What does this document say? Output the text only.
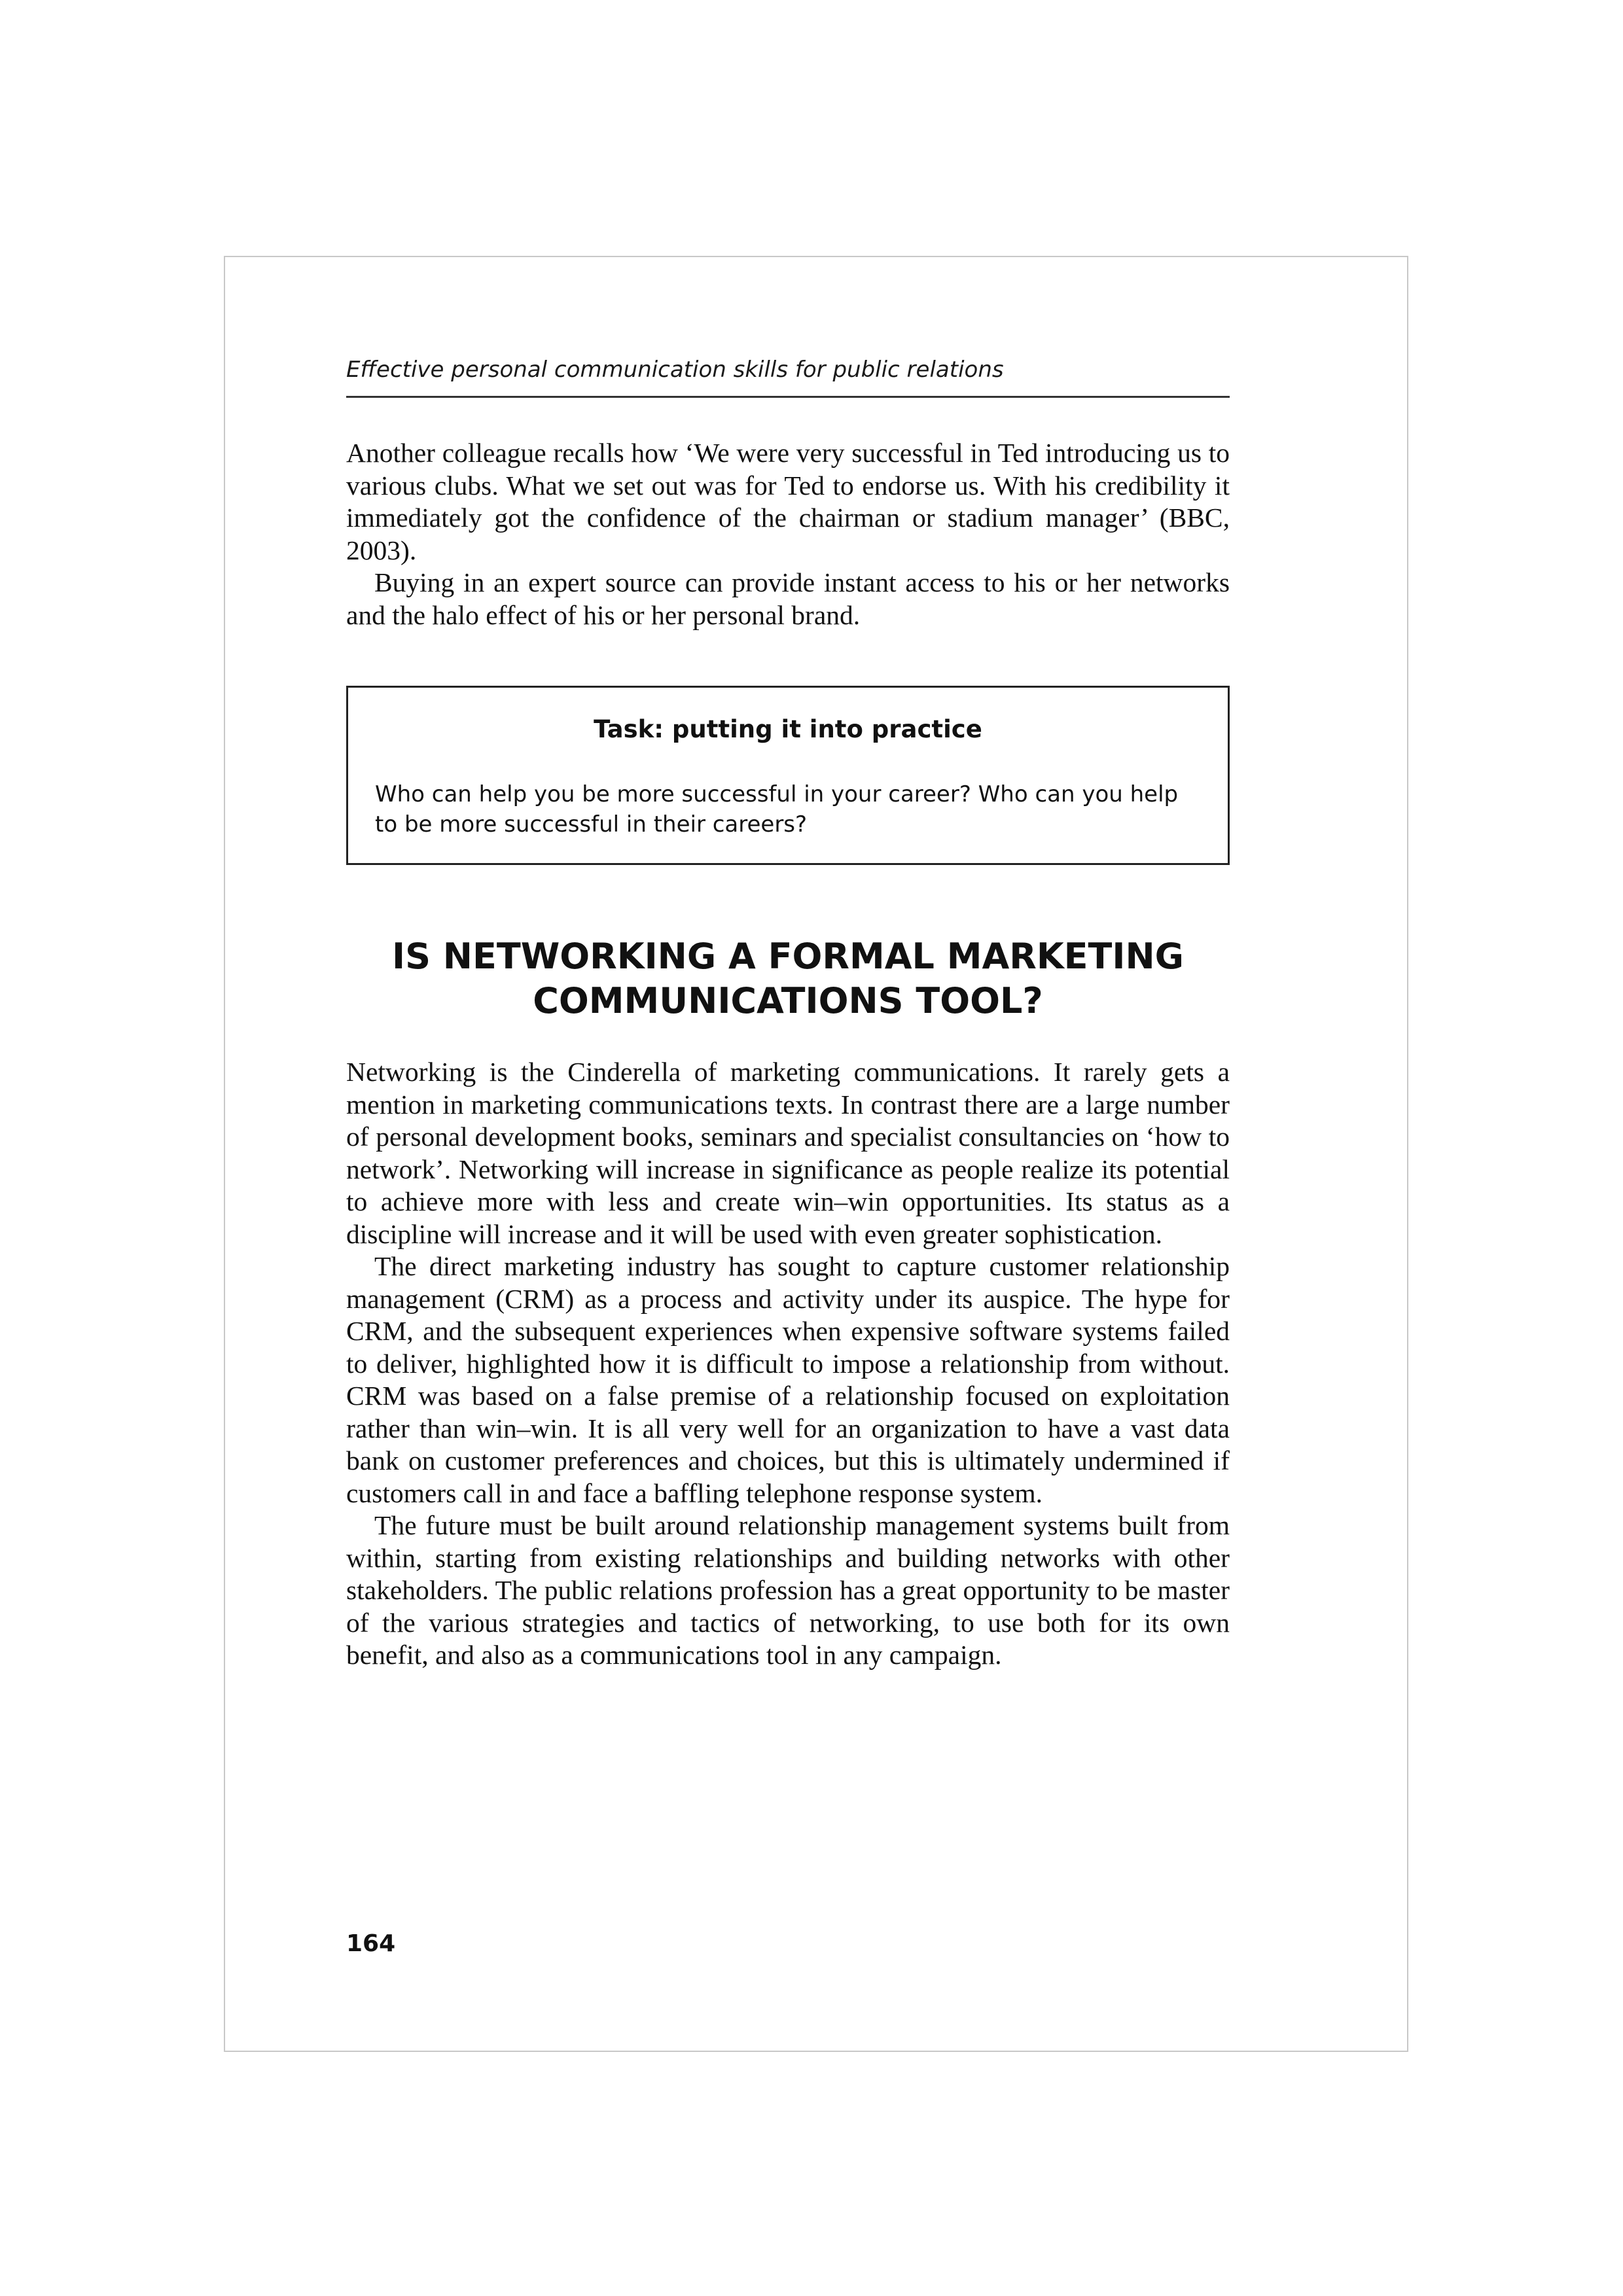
Effective personal communication skills for public relations

Another colleague recalls how ‘We were very successful in Ted introducing us to various clubs. What we set out was for Ted to endorse us. With his credibility it immediately got the confidence of the chairman or stadium manager’ (BBC, 2003).

Buying in an expert source can provide instant access to his or her networks and the halo effect of his or her personal brand.

Task: putting it into practice
Who can help you be more successful in your career? Who can you help to be more successful in their careers?
IS NETWORKING A FORMAL MARKETING
COMMUNICATIONS TOOL?

Networking is the Cinderella of marketing communications. It rarely gets a mention in marketing communications texts. In contrast there are a large number of personal development books, seminars and specialist consultancies on ‘how to network’. Networking will increase in significance as people realize its potential to achieve more with less and create win–win opportunities. Its status as a discipline will increase and it will be used with even greater sophistication.

The direct marketing industry has sought to capture customer relationship management (CRM) as a process and activity under its auspice. The hype for CRM, and the subsequent experiences when expensive software systems failed to deliver, highlighted how it is difficult to impose a relationship from without. CRM was based on a false premise of a relationship focused on exploitation rather than win–win. It is all very well for an organization to have a vast data bank on customer preferences and choices, but this is ultimately undermined if customers call in and face a baffling telephone response system.

The future must be built around relationship management systems built from within, starting from existing relationships and building networks with other stakeholders. The public relations profession has a great opportunity to be master of the various strategies and tactics of networking, to use both for its own benefit, and also as a communications tool in any campaign.

164
